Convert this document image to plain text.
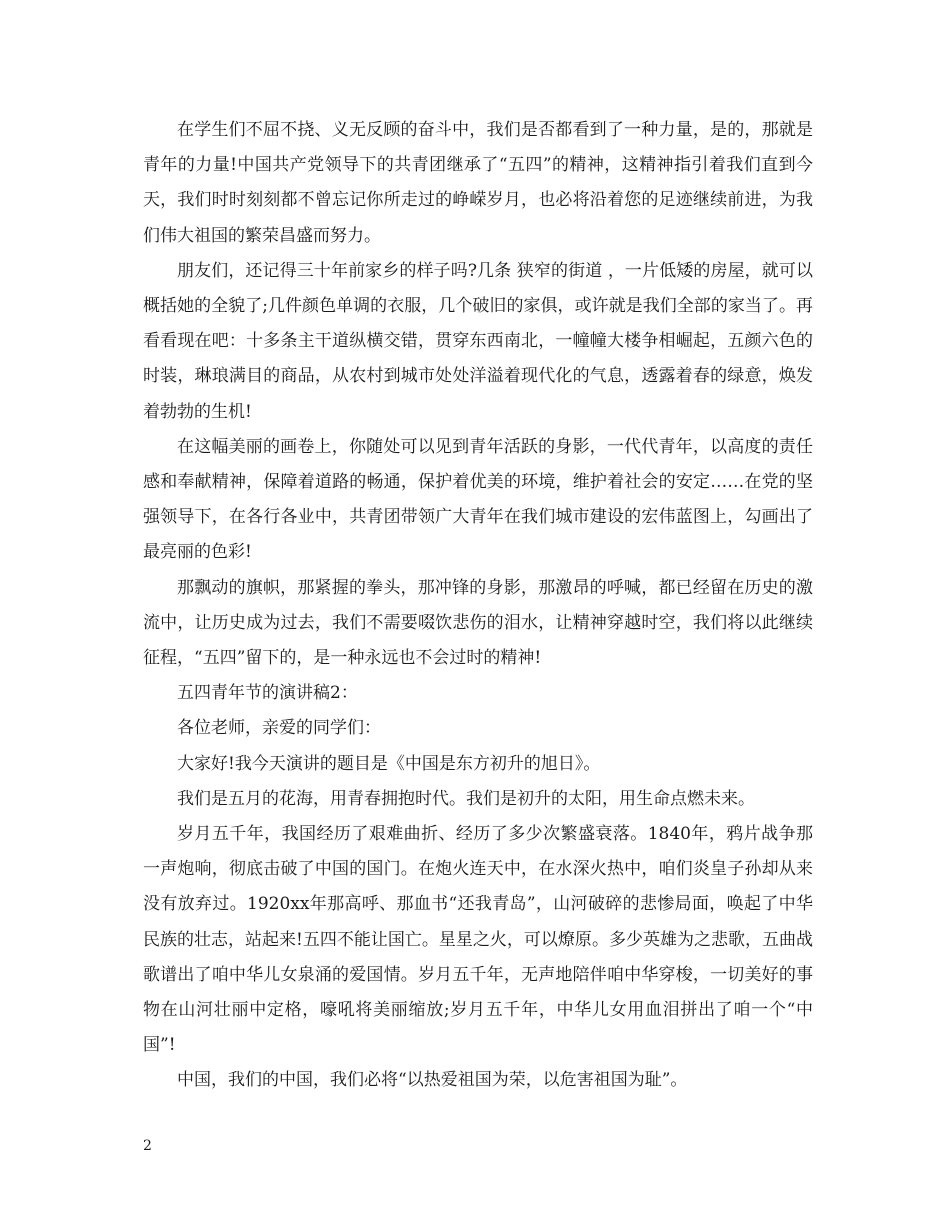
在学生们不屈不挠、义无反顾的奋斗中，我们是否都看到了一种力量，是的，那就是青年的力量!中国共产党领导下的共青团继承了“五四”的精神，这精神指引着我们直到今天，我们时时刻刻都不曾忘记你所走过的峥嵘岁月，也必将沿着您的足迹继续前进，为我们伟大祖国的繁荣昌盛而努力。

朋友们，还记得三十年前家乡的样子吗?几条 狭窄的街道 ，一片低矮的房屋，就可以概括她的全貌了;几件颜色单调的衣服，几个破旧的家俱，或许就是我们全部的家当了。再看看现在吧：十多条主干道纵横交错，贯穿东西南北，一幢幢大楼争相崛起，五颜六色的时装，琳琅满目的商品，从农村到城市处处洋溢着现代化的气息，透露着春的绿意，焕发着勃勃的生机!

在这幅美丽的画卷上，你随处可以见到青年活跃的身影，一代代青年，以高度的责任感和奉献精神，保障着道路的畅通，保护着优美的环境，维护着社会的安定……在党的坚强领导下，在各行各业中，共青团带领广大青年在我们城市建设的宏伟蓝图上，勾画出了最亮丽的色彩!

那飘动的旗帜，那紧握的拳头，那冲锋的身影，那激昂的呼喊，都已经留在历史的激流中，让历史成为过去，我们不需要啜饮悲伤的泪水，让精神穿越时空，我们将以此继续征程，“五四”留下的，是一种永远也不会过时的精神!

五四青年节的演讲稿2：

各位老师，亲爱的同学们：

大家好!我今天演讲的题目是《中国是东方初升的旭日》。

我们是五月的花海，用青春拥抱时代。我们是初升的太阳，用生命点燃未来。

岁月五千年，我国经历了艰难曲折、经历了多少次繁盛衰落。1840年，鸦片战争那一声炮响，彻底击破了中国的国门。在炮火连天中，在水深火热中，咱们炎皇子孙却从来没有放弃过。1920xx年那高呼、那血书“还我青岛”，山河破碎的悲惨局面，唤起了中华民族的壮志，站起来!五四不能让国亡。星星之火，可以燎原。多少英雄为之悲歌，五曲战歌谱出了咱中华儿女泉涌的爱国情。岁月五千年，无声地陪伴咱中华穿梭，一切美好的事物在山河壮丽中定格，嚎吼将美丽缩放;岁月五千年，中华儿女用血泪拼出了咱一个“中国”!

中国，我们的中国，我们必将“以热爱祖国为荣，以危害祖国为耻”。

2
